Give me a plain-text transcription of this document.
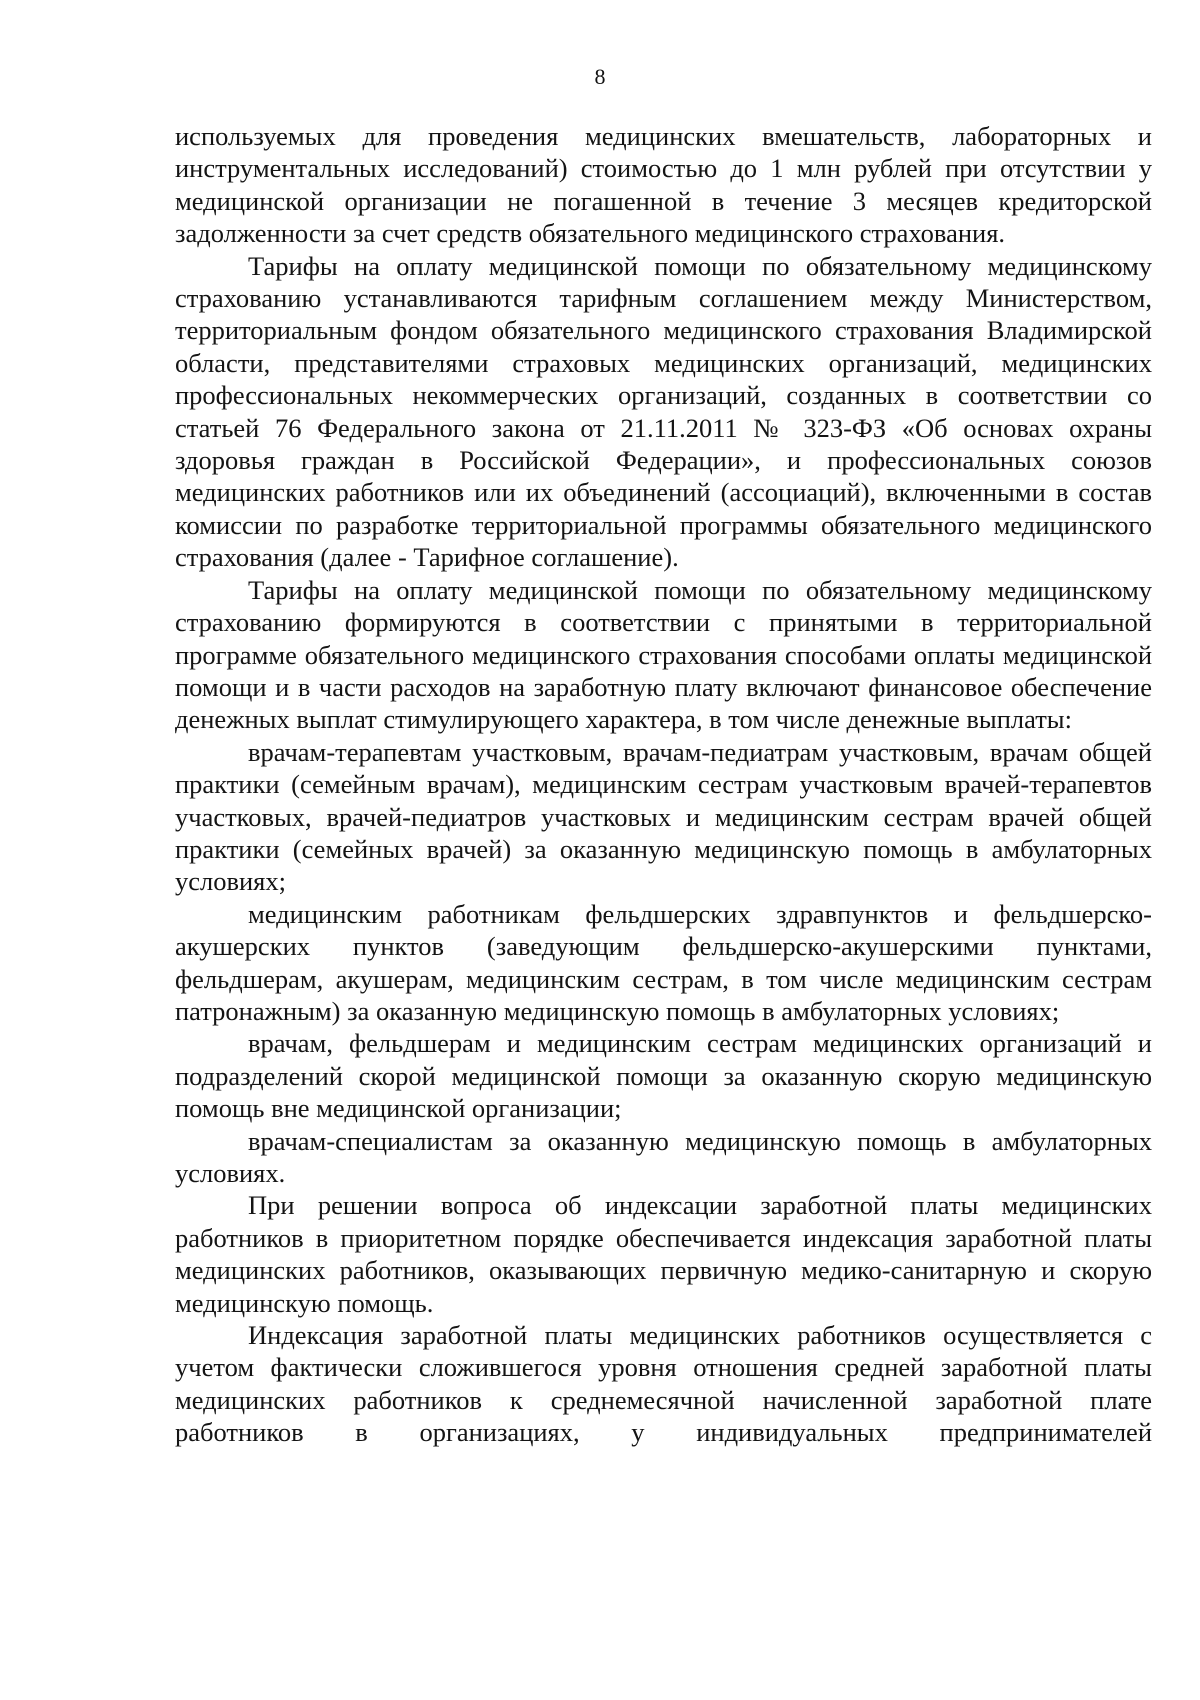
8

используемых для проведения медицинских вмешательств, лабораторных и инструментальных исследований) стоимостью до 1 млн рублей при отсутствии у медицинской организации не погашенной в течение 3 месяцев кредиторской задолженности за счет средств обязательного медицинского страхования.

Тарифы на оплату медицинской помощи по обязательному медицинскому страхованию устанавливаются тарифным соглашением между Министерством, территориальным фондом обязательного медицинского страхования Владимирской области, представителями страховых медицинских организаций, медицинских профессиональных некоммерческих организаций, созданных в соответствии со статьей 76 Федерального закона от 21.11.2011 № 323-ФЗ «Об основах охраны здоровья граждан в Российской Федерации», и профессиональных союзов медицинских работников или их объединений (ассоциаций), включенными в состав комиссии по разработке территориальной программы обязательного медицинского страхования (далее - Тарифное соглашение).

Тарифы на оплату медицинской помощи по обязательному медицинскому страхованию формируются в соответствии с принятыми в территориальной программе обязательного медицинского страхования способами оплаты медицинской помощи и в части расходов на заработную плату включают финансовое обеспечение денежных выплат стимулирующего характера, в том числе денежные выплаты:

врачам-терапевтам участковым, врачам-педиатрам участковым, врачам общей практики (семейным врачам), медицинским сестрам участковым врачей-терапевтов участковых, врачей-педиатров участковых и медицинским сестрам врачей общей практики (семейных врачей) за оказанную медицинскую помощь в амбулаторных условиях;

медицинским работникам фельдшерских здравпунктов и фельдшерско-акушерских пунктов (заведующим фельдшерско-акушерскими пунктами, фельдшерам, акушерам, медицинским сестрам, в том числе медицинским сестрам патронажным) за оказанную медицинскую помощь в амбулаторных условиях;

врачам, фельдшерам и медицинским сестрам медицинских организаций и подразделений скорой медицинской помощи за оказанную скорую медицинскую помощь вне медицинской организации;

врачам-специалистам за оказанную медицинскую помощь в амбулаторных условиях.

При решении вопроса об индексации заработной платы медицинских работников в приоритетном порядке обеспечивается индексация заработной платы медицинских работников, оказывающих первичную медико-санитарную и скорую медицинскую помощь.

Индексация заработной платы медицинских работников осуществляется с учетом фактически сложившегося уровня отношения средней заработной платы медицинских работников к среднемесячной начисленной заработной плате работников в организациях, у индивидуальных предпринимателей
